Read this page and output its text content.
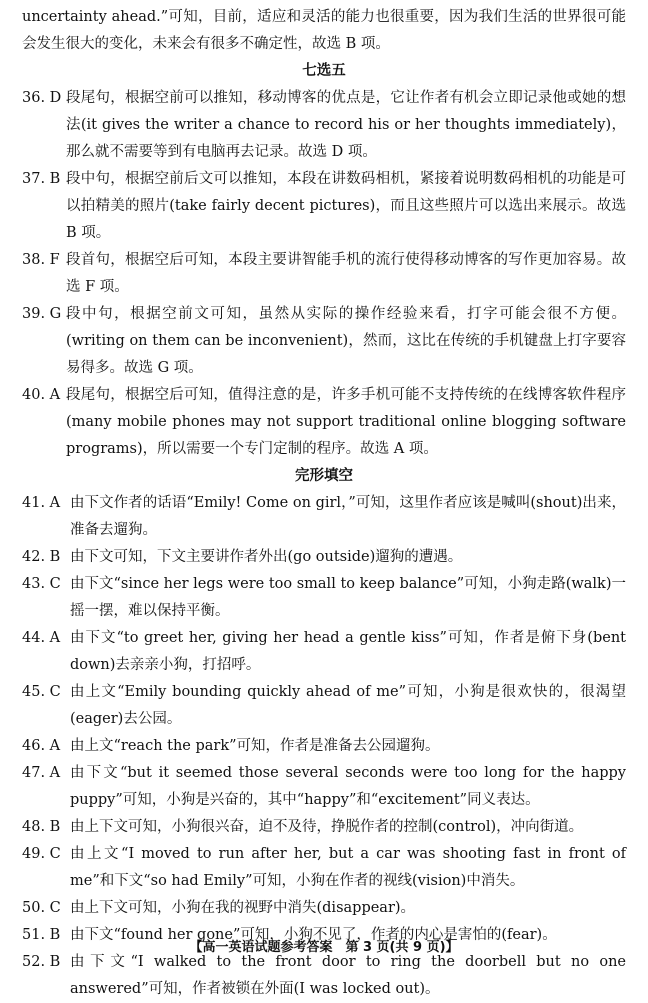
uncertainty ahead.”可知，目前，适应和灵活的能力也很重要，因为我们生活的世界很可能会发生很大的变化，未来会有很多不确定性，故选 B 项。

七选五

36. D 段尾句，根据空前可以推知，移动博客的优点是，它让作者有机会立即记录他或她的想法(it gives the writer a chance to record his or her thoughts immediately)，那么就不需要等到有电脑再去记录。故选 D 项。
37. B 段中句，根据空前后文可以推知，本段在讲数码相机，紧接着说明数码相机的功能是可以拍精美的照片(take fairly decent pictures)，而且这些照片可以选出来展示。故选 B 项。
38. F 段首句，根据空后可知，本段主要讲智能手机的流行使得移动博客的写作更加容易。故选 F 项。
39. G 段中句，根据空前文可知，虽然从实际的操作经验来看，打字可能会很不方便。(writing on them can be inconvenient)，然而，这比在传统的手机键盘上打字要容易得多。故选 G 项。
40. A 段尾句，根据空后可知，值得注意的是，许多手机可能不支持传统的在线博客软件程序(many mobile phones may not support traditional online blogging software programs)，所以需要一个专门定制的程序。故选 A 项。

完形填空

41. A 由下文作者的话语“Emily! Come on girl，”可知，这里作者应该是喊叫(shout)出来，准备去遛狗。
42. B 由下文可知，下文主要讲作者外出(go outside)遛狗的遭遇。
43. C 由下文“since her legs were too small to keep balance”可知，小狗走路(walk)一摇一摆，难以保持平衡。
44. A 由下文“to greet her, giving her head a gentle kiss”可知，作者是俯下身(bent down)去亲亲小狗，打招呼。
45. C 由上文“Emily bounding quickly ahead of me”可知，小狗是很欢快的，很渴望(eager)去公园。
46. A 由上文“reach the park”可知，作者是准备去公园遛狗。
47. A 由下文“but it seemed those several seconds were too long for the happy puppy”可知，小狗是兴奋的，其中“happy”和“excitement”同义表达。
48. B 由上下文可知，小狗很兴奋，迫不及待，挣脱作者的控制(control)，冲向街道。
49. C 由上文“I moved to run after her, but a car was shooting fast in front of me”和下文“so had Emily”可知，小狗在作者的视线(vision)中消失。
50. C 由上下文可知，小狗在我的视野中消失(disappear)。
51. B 由下文“found her gone”可知，小狗不见了，作者的内心是害怕的(fear)。
52. B 由下文“I walked to the front door to ring the doorbell but no one answered”可知，作者被锁在外面(I was locked out)。
【高一英语试题参考答案　第 3 页(共 9 页)】
